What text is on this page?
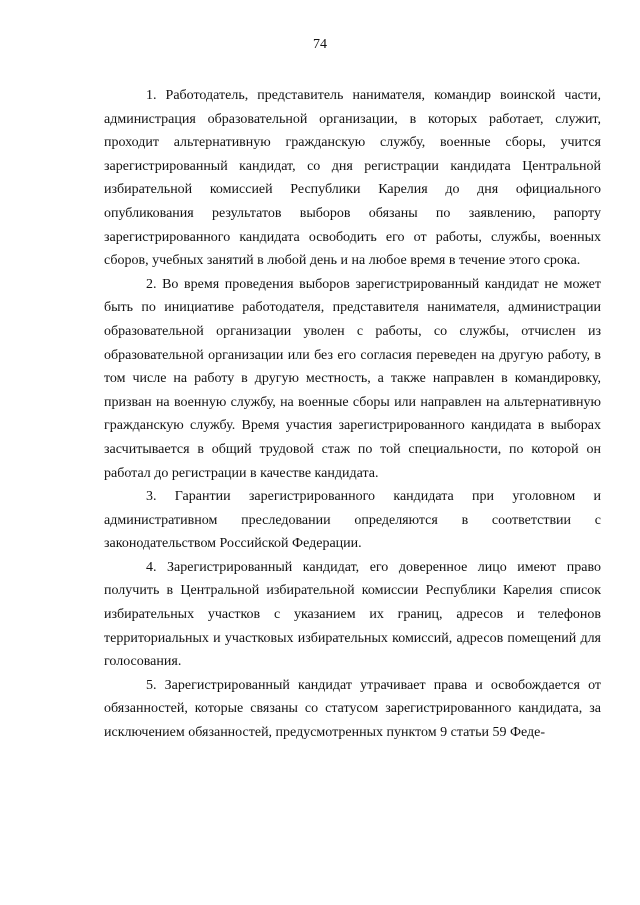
74

1. Работодатель, представитель нанимателя, командир воинской части, администрация образовательной организации, в которых работает, служит, проходит альтернативную гражданскую службу, военные сборы, учится зарегистрированный кандидат, со дня регистрации кандидата Центральной избирательной комиссией Республики Карелия до дня официального опубликования результатов выборов обязаны по заявлению, рапорту зарегистрированного кандидата освободить его от работы, службы, военных сборов, учебных занятий в любой день и на любое время в течение этого срока.

2. Во время проведения выборов зарегистрированный кандидат не может быть по инициативе работодателя, представителя нанимателя, администрации образовательной организации уволен с работы, со службы, отчислен из образовательной организации или без его согласия переведен на другую работу, в том числе на работу в другую местность, а также направлен в командировку, призван на военную службу, на военные сборы или направлен на альтернативную гражданскую службу. Время участия зарегистрированного кандидата в выборах засчитывается в общий трудовой стаж по той специальности, по которой он работал до регистрации в качестве кандидата.

3. Гарантии зарегистрированного кандидата при уголовном и административном преследовании определяются в соответствии с законодательством Российской Федерации.

4. Зарегистрированный кандидат, его доверенное лицо имеют право получить в Центральной избирательной комиссии Республики Карелия список избирательных участков с указанием их границ, адресов и телефонов территориальных и участковых избирательных комиссий, адресов помещений для голосования.

5. Зарегистрированный кандидат утрачивает права и освобождается от обязанностей, которые связаны со статусом зарегистрированного кандидата, за исключением обязанностей, предусмотренных пунктом 9 статьи 59 Феде-
